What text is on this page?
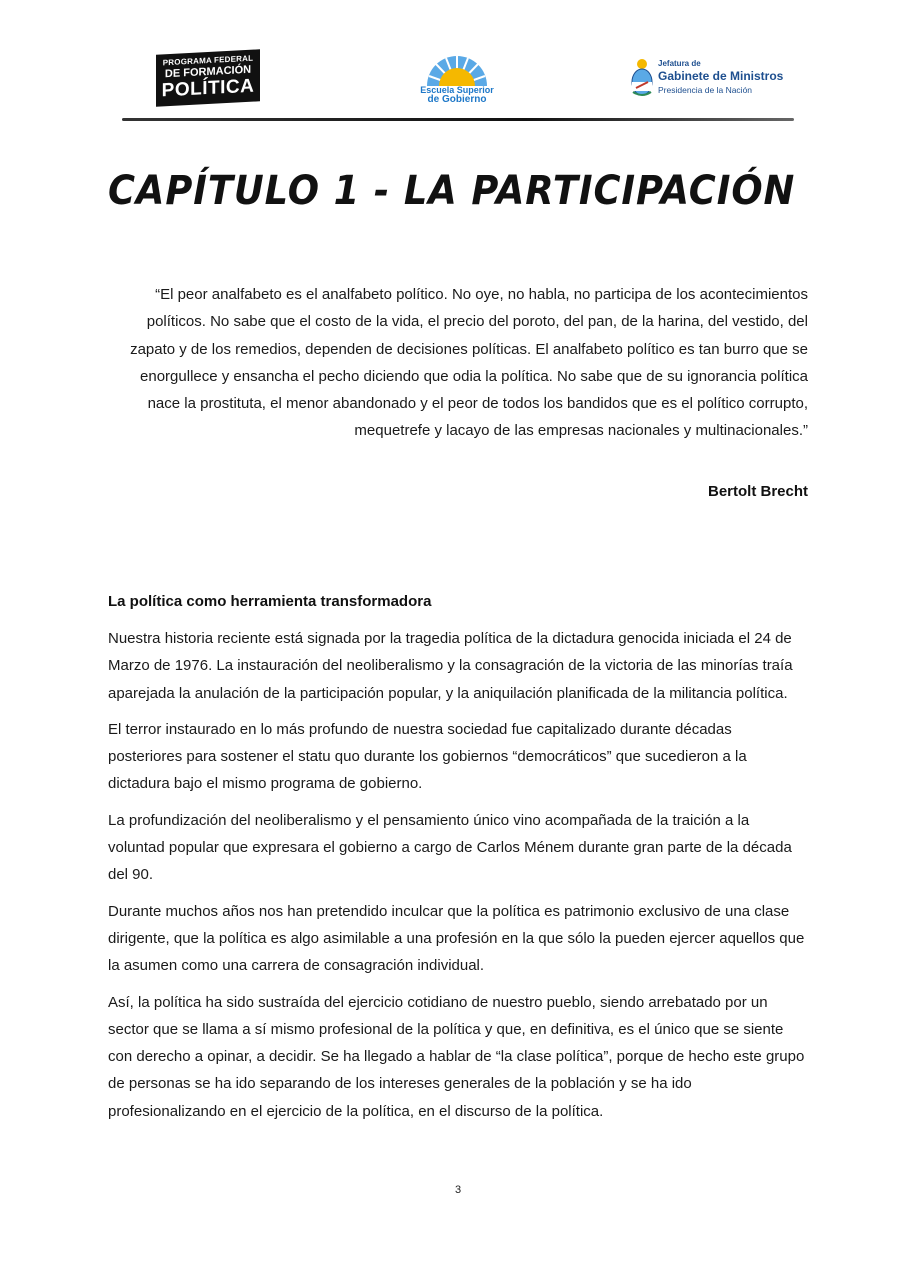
PROGRAMA FEDERAL
DE FORMACIÓN
POLÍTICA	Escuela Superior
de Gobierno
Jefatura de
Gabinete de Ministros
Presidencia de la Nación
CAPÍTULO 1 - LA PARTICIPACIÓN

“El peor analfabeto es el analfabeto político. No oye, no habla, no participa de los acontecimientos políticos. No sabe que el costo de la vida, el precio del poroto, del pan, de la harina, del vestido, del zapato y de los remedios, dependen de decisiones políticas. El analfabeto político es tan burro que se enorgullece y ensancha el pecho diciendo que odia la política. No sabe que de su ignorancia política nace la prostituta, el menor abandonado y el peor de todos los bandidos que es el político corrupto, mequetrefe y lacayo de las empresas nacionales y multinacionales.”

Bertolt Brecht

La política como herramienta transformadora

Nuestra historia reciente está signada por la tragedia política de la dictadura genocida iniciada el 24 de Marzo de 1976. La instauración del neoliberalismo y la consagración de la victoria de las minorías traía aparejada la anulación de la participación popular, y la aniquilación planificada de la militancia política.

El terror instaurado en lo más profundo de nuestra sociedad fue capitalizado durante décadas posteriores para sostener el statu quo durante los gobiernos “democráticos” que sucedieron a la dictadura bajo el mismo programa de gobierno.

La profundización del neoliberalismo y el pensamiento único vino acompañada de la traición a la voluntad popular que expresara el gobierno a cargo de Carlos Ménem durante gran parte de la década del 90.

Durante muchos años nos han pretendido inculcar que la política es patrimonio exclusivo de una clase dirigente, que la política es algo asimilable a una profesión en la que sólo la pueden ejercer aquellos que la asumen como una carrera de consagración individual.

Así, la política ha sido sustraída del ejercicio cotidiano de nuestro pueblo, siendo arrebatado por un sector que se llama a sí mismo profesional de la política y que, en definitiva, es el único que se siente con derecho a opinar, a decidir. Se ha llegado a hablar de “la clase política”, porque de hecho este grupo de personas se ha ido separando de los intereses generales de la población y se ha ido profesionalizando en el ejercicio de la política, en el discurso de la política.

3
